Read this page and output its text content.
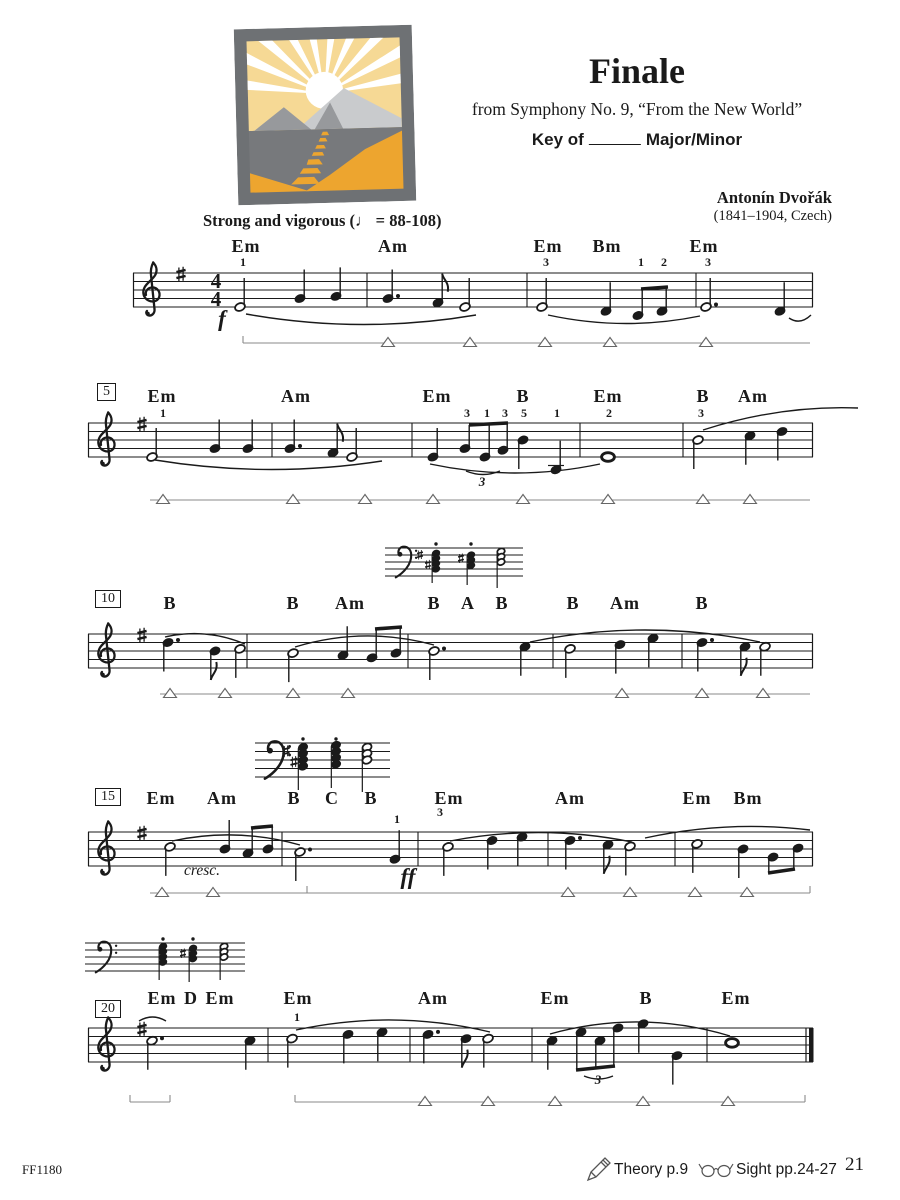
4
4
Finale
from Symphony No. 9, “From the New World”
Key of	Major/Minor
Antonín Dvořák
(1841–1904, Czech)
Strong and vigorous (♩ = 88-108)
Em	Am	Em Bm	Em
1	3	1 2	3
f
5	Em	Am	Em	B	Em	B Am
1	3 1 3 5 1	2	3
3
10	B	B Am	B A B	B Am	B
15	Em Am	B C B	Em	Am	Em Bm
1	3
cresc.	ff
20
Em D Em	Em	Am	Em	B	Em
1
3
FF1180	Theory p.9	Sight pp.24-27 21
